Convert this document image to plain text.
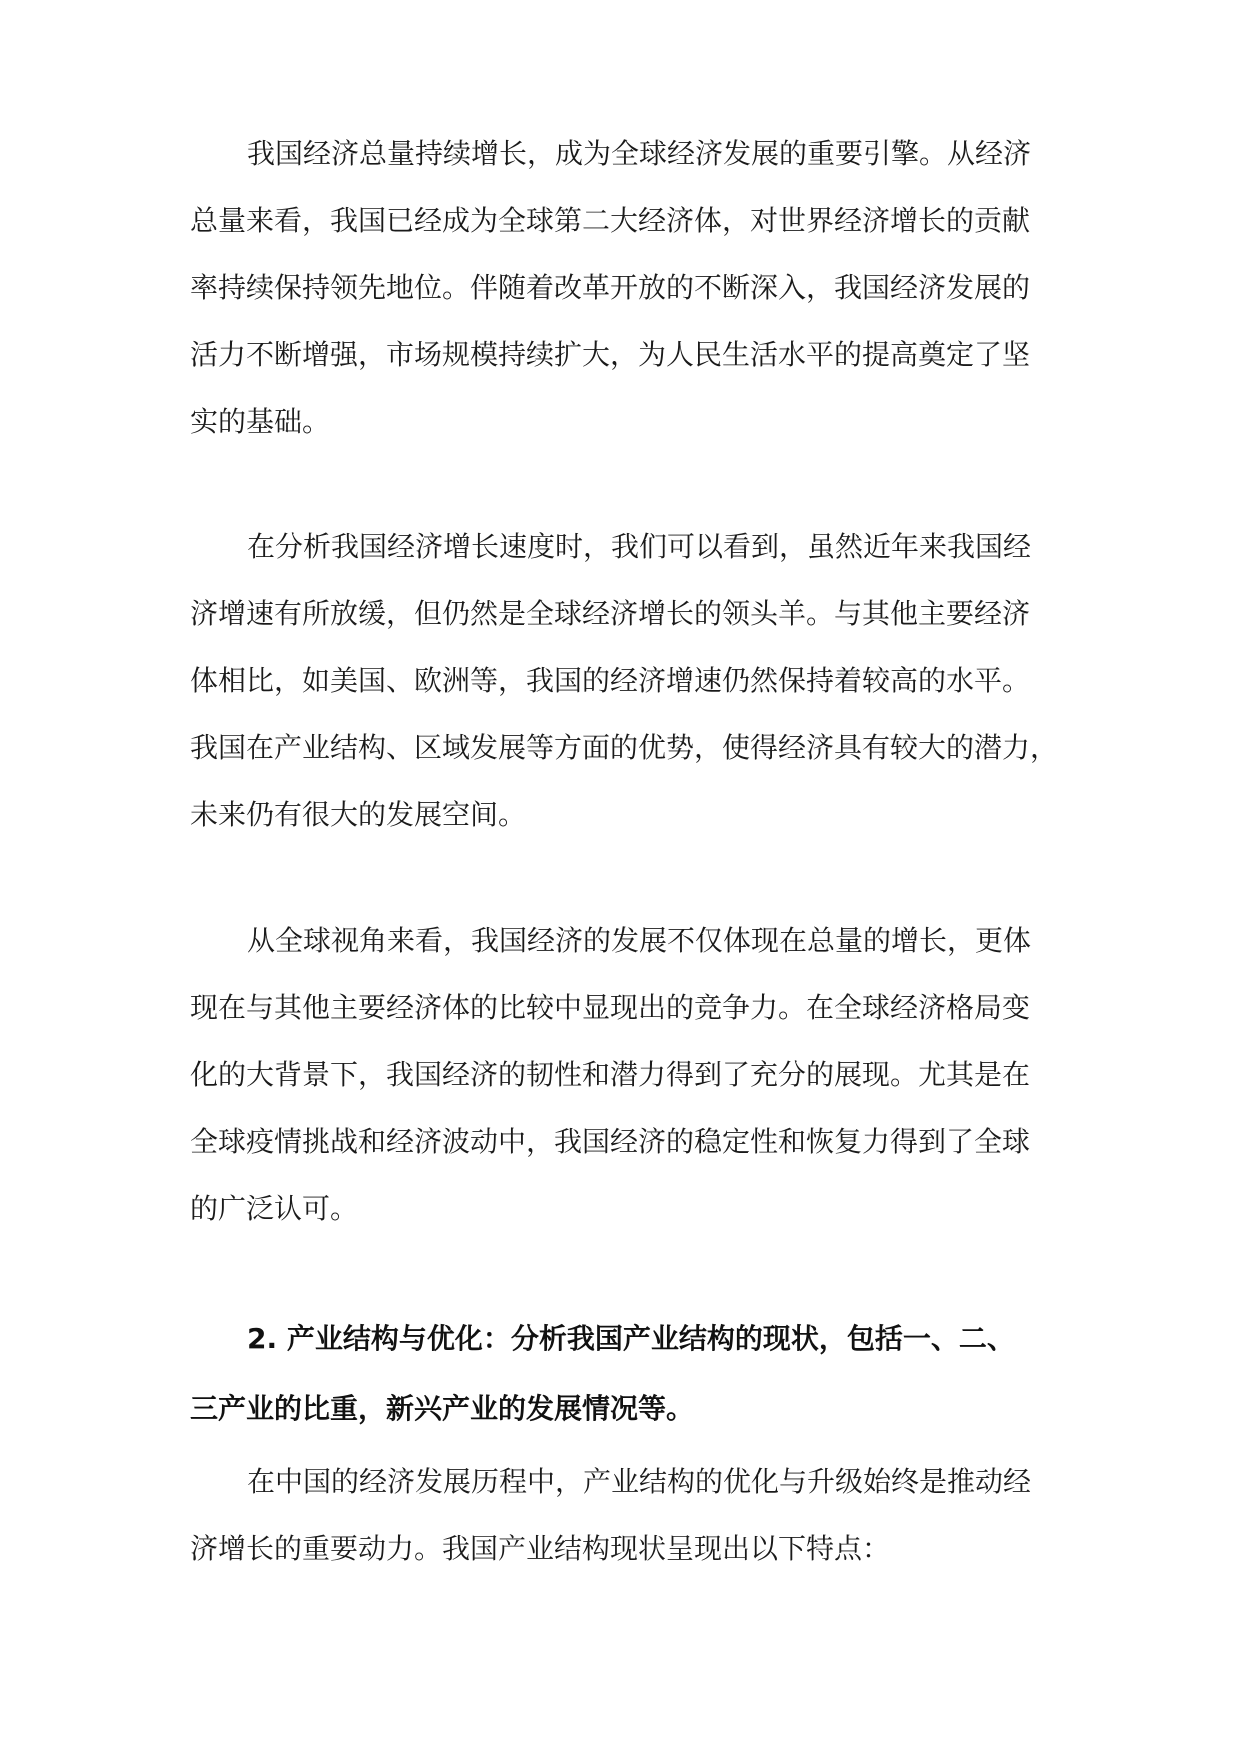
我国经济总量持续增长，成为全球经济发展的重要引擎。从经济
总量来看，我国已经成为全球第二大经济体，对世界经济增长的贡献
率持续保持领先地位。伴随着改革开放的不断深入，我国经济发展的
活力不断增强，市场规模持续扩大，为人民生活水平的提高奠定了坚
实的基础。
在分析我国经济增长速度时，我们可以看到，虽然近年来我国经
济增速有所放缓，但仍然是全球经济增长的领头羊。与其他主要经济
体相比，如美国、欧洲等，我国的经济增速仍然保持着较高的水平。
我国在产业结构、区域发展等方面的优势，使得经济具有较大的潜力，
未来仍有很大的发展空间。
从全球视角来看，我国经济的发展不仅体现在总量的增长，更体
现在与其他主要经济体的比较中显现出的竞争力。在全球经济格局变
化的大背景下，我国经济的韧性和潜力得到了充分的展现。尤其是在
全球疫情挑战和经济波动中，我国经济的稳定性和恢复力得到了全球
的广泛认可。
2. 产业结构与优化：分析我国产业结构的现状，包括一、二、
三产业的比重，新兴产业的发展情况等。
在中国的经济发展历程中，产业结构的优化与升级始终是推动经
济增长的重要动力。我国产业结构现状呈现出以下特点：
